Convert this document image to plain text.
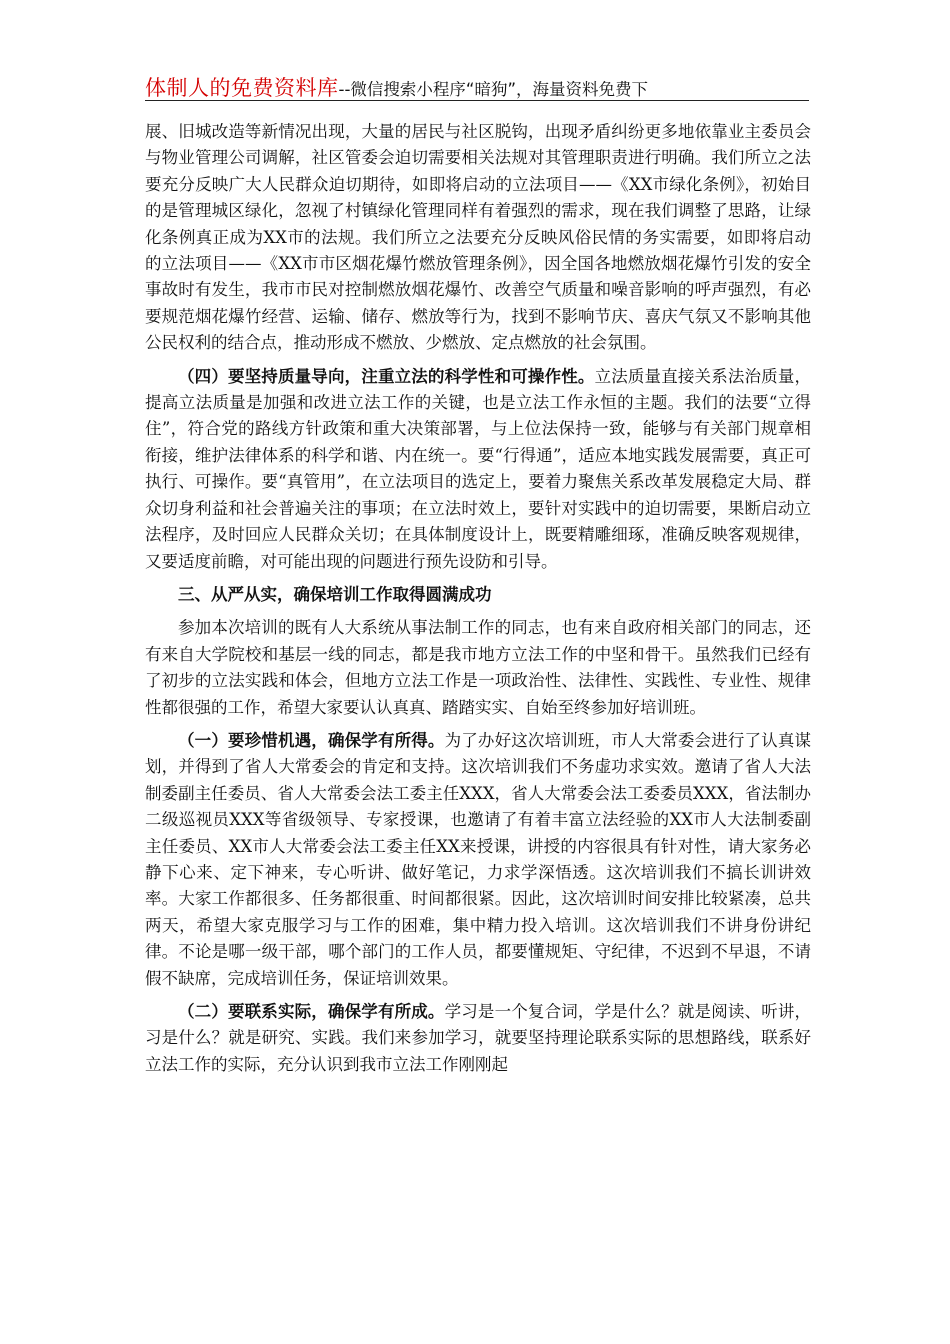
体制人的免费资料库--微信搜索小程序“暗狗”，海量资料免费下

展、旧城改造等新情况出现，大量的居民与社区脱钩，出现矛盾纠纷更多地依靠业主委员会与物业管理公司调解，社区管委会迫切需要相关法规对其管理职责进行明确。我们所立之法要充分反映广大人民群众迫切期待，如即将启动的立法项目——《XX市绿化条例》，初始目的是管理城区绿化，忽视了村镇绿化管理同样有着强烈的需求，现在我们调整了思路，让绿化条例真正成为XX市的法规。我们所立之法要充分反映风俗民情的务实需要，如即将启动的立法项目——《XX市市区烟花爆竹燃放管理条例》，因全国各地燃放烟花爆竹引发的安全事故时有发生，我市市民对控制燃放烟花爆竹、改善空气质量和噪音影响的呼声强烈，有必要规范烟花爆竹经营、运输、储存、燃放等行为，找到不影响节庆、喜庆气氛又不影响其他公民权利的结合点，推动形成不燃放、少燃放、定点燃放的社会氛围。

（四）要坚持质量导向，注重立法的科学性和可操作性。立法质量直接关系法治质量，提高立法质量是加强和改进立法工作的关键，也是立法工作永恒的主题。我们的法要“立得住”，符合党的路线方针政策和重大决策部署，与上位法保持一致，能够与有关部门规章相衔接，维护法律体系的科学和谐、内在统一。要“行得通”，适应本地实践发展需要，真正可执行、可操作。要“真管用”，在立法项目的选定上，要着力聚焦关系改革发展稳定大局、群众切身利益和社会普遍关注的事项；在立法时效上，要针对实践中的迫切需要，果断启动立法程序，及时回应人民群众关切；在具体制度设计上，既要精雕细琢，准确反映客观规律，又要适度前瞻，对可能出现的问题进行预先设防和引导。

三、从严从实，确保培训工作取得圆满成功

参加本次培训的既有人大系统从事法制工作的同志，也有来自政府相关部门的同志，还有来自大学院校和基层一线的同志，都是我市地方立法工作的中坚和骨干。虽然我们已经有了初步的立法实践和体会，但地方立法工作是一项政治性、法律性、实践性、专业性、规律性都很强的工作，希望大家要认认真真、踏踏实实、自始至终参加好培训班。

（一）要珍惜机遇，确保学有所得。为了办好这次培训班，市人大常委会进行了认真谋划，并得到了省人大常委会的肯定和支持。这次培训我们不务虚功求实效。邀请了省人大法制委副主任委员、省人大常委会法工委主任XXX，省人大常委会法工委委员XXX，省法制办二级巡视员XXX等省级领导、专家授课，也邀请了有着丰富立法经验的XX市人大法制委副主任委员、XX市人大常委会法工委主任XX来授课，讲授的内容很具有针对性，请大家务必静下心来、定下神来，专心听讲、做好笔记，力求学深悟透。这次培训我们不搞长训讲效率。大家工作都很多、任务都很重、时间都很紧。因此，这次培训时间安排比较紧凑，总共两天，希望大家克服学习与工作的困难，集中精力投入培训。这次培训我们不讲身份讲纪律。不论是哪一级干部，哪个部门的工作人员，都要懂规矩、守纪律，不迟到不早退，不请假不缺席，完成培训任务，保证培训效果。

（二）要联系实际，确保学有所成。学习是一个复合词，学是什么？就是阅读、听讲，习是什么？就是研究、实践。我们来参加学习，就要坚持理论联系实际的思想路线，联系好立法工作的实际，充分认识到我市立法工作刚刚起
